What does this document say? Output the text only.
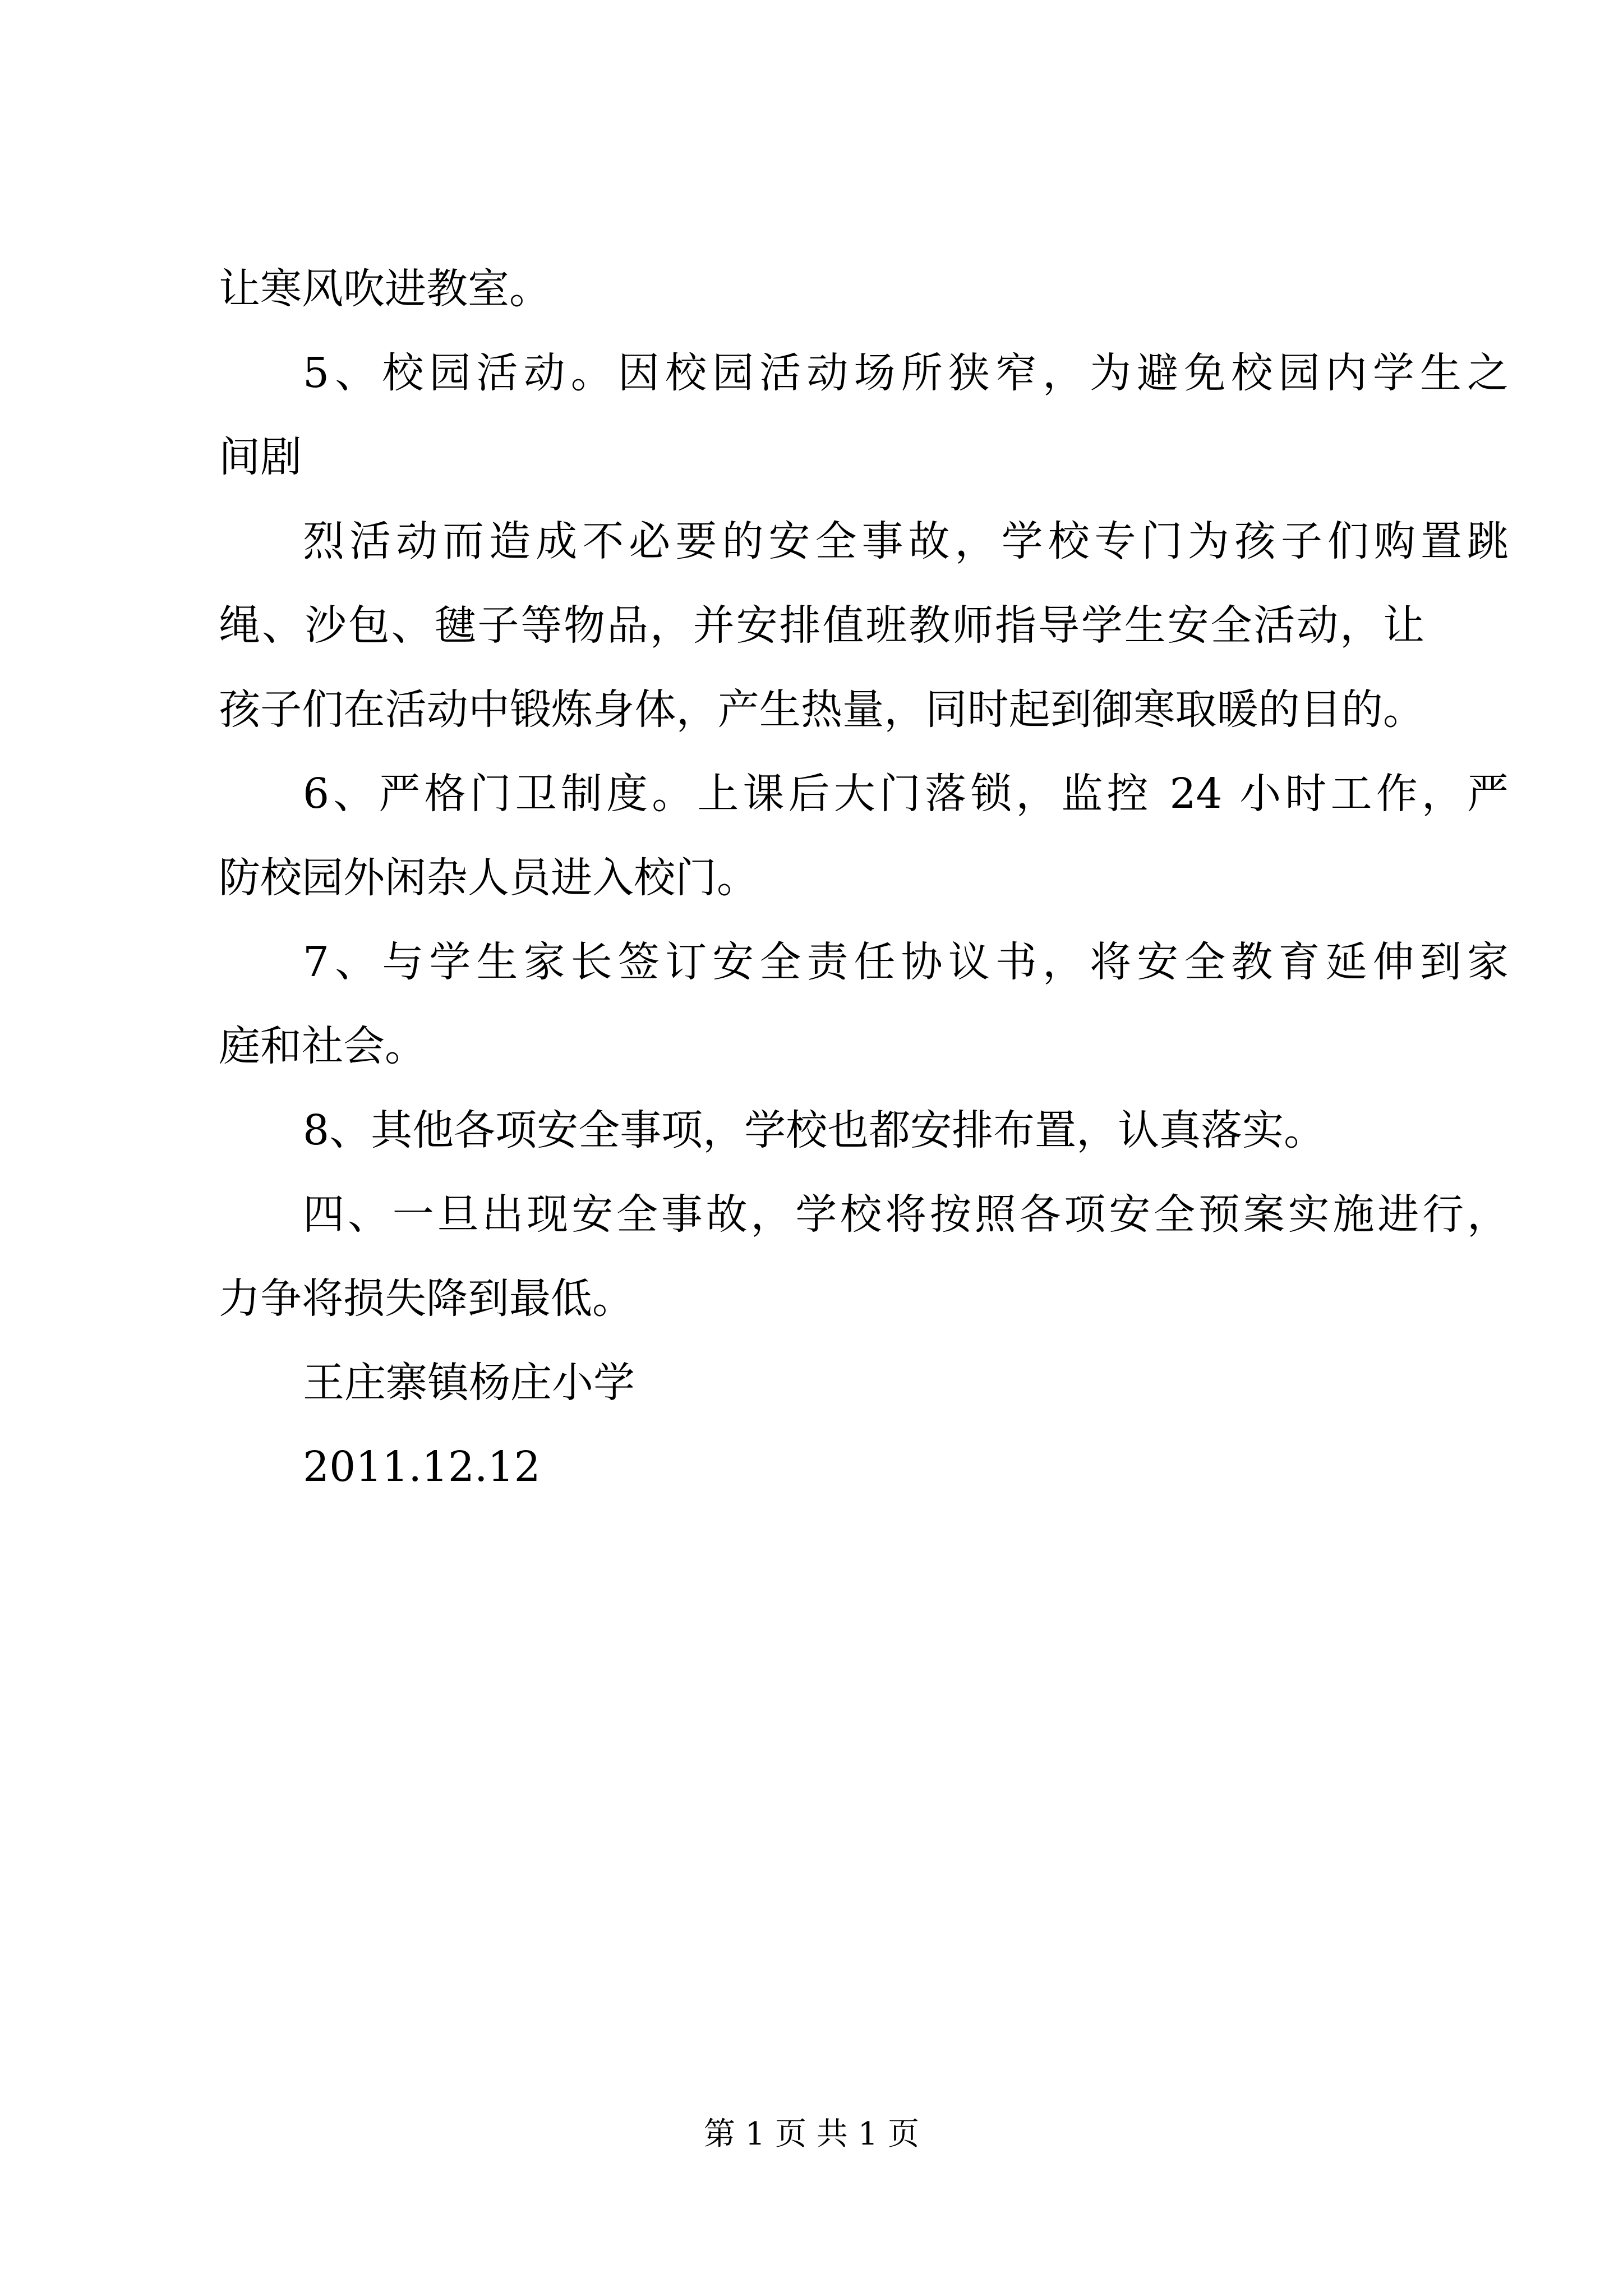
让寒风吹进教室。
5、校园活动。因校园活动场所狭窄，为避免校园内学生之
间剧
烈活动而造成不必要的安全事故，学校专门为孩子们购置跳
绳、沙包、毽子等物品，并安排值班教师指导学生安全活动，让
孩子们在活动中锻炼身体，产生热量，同时起到御寒取暖的目的。
6、严格门卫制度。上课后大门落锁，监控 24 小时工作，严
防校园外闲杂人员进入校门。
7、与学生家长签订安全责任协议书，将安全教育延伸到家
庭和社会。
8、其他各项安全事项，学校也都安排布置，认真落实。
四、一旦出现安全事故，学校将按照各项安全预案实施进行，
力争将损失降到最低。
王庄寨镇杨庄小学
2011.12.12
第 1 页 共 1 页
